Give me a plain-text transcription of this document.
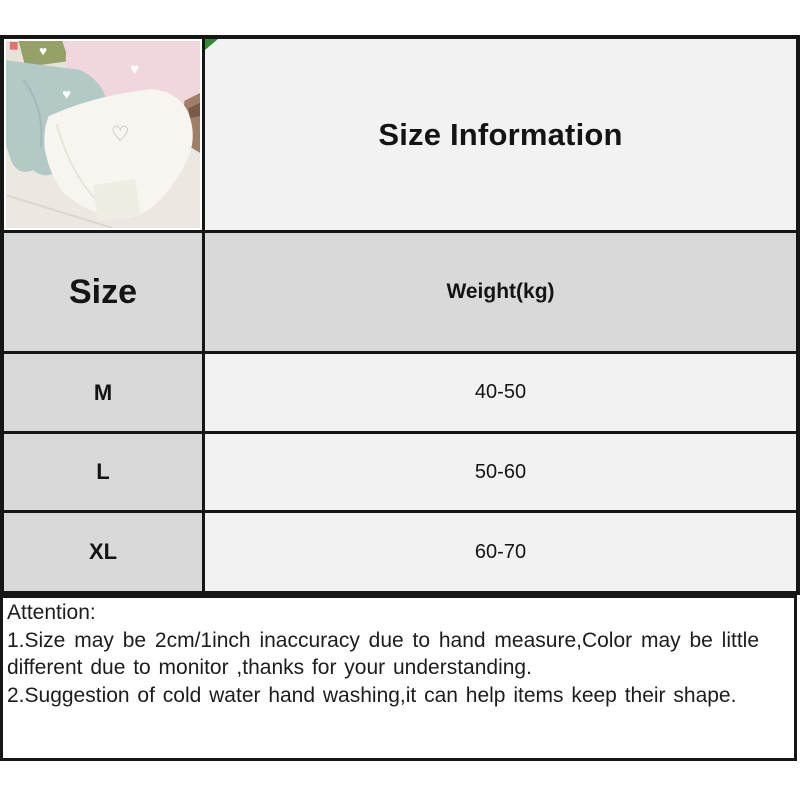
♥
♥
♥
♡	Size Information
Size	Weight(kg)
M	40-50
L	50-60
XL	60-70
Attention:
1.Size may be 2cm/1inch inaccuracy due to hand measure,Color may be little
different due to monitor ,thanks for your understanding.
2.Suggestion of cold water hand washing,it can help items keep their shape.
